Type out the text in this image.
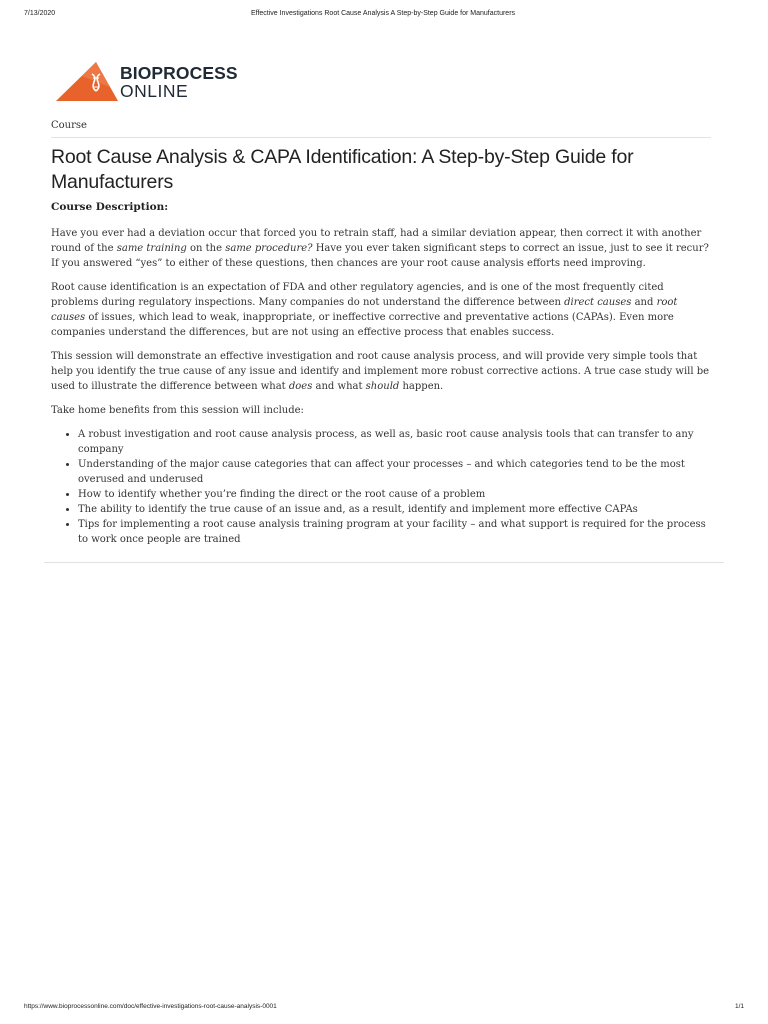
7/13/2020	Effective Investigations Root Cause Analysis A Step-by-Step Guide for Manufacturers
BIOPROCESS
ONLINE
Course
Root Cause Analysis & CAPA Identification: A Step-by-Step Guide for Manufacturers
Course Description:

Have you ever had a deviation occur that forced you to retrain staff, had a similar deviation appear, then correct it with another round of the same training on the same procedure? Have you ever taken significant steps to correct an issue, just to see it recur? If you answered “yes” to either of these questions, then chances are your root cause analysis efforts need improving.

Root cause identification is an expectation of FDA and other regulatory agencies, and is one of the most frequently cited problems during regulatory inspections. Many companies do not understand the difference between direct causes and root causes of issues, which lead to weak, inappropriate, or ineffective corrective and preventative actions (CAPAs). Even more companies understand the differences, but are not using an effective process that enables success.

This session will demonstrate an effective investigation and root cause analysis process, and will provide very simple tools that help you identify the true cause of any issue and identify and implement more robust corrective actions. A true case study will be used to illustrate the difference between what does and what should happen.

Take home benefits from this session will include:

• A robust investigation and root cause analysis process, as well as, basic root cause analysis tools that can transfer to any company
• Understanding of the major cause categories that can affect your processes – and which categories tend to be the most overused and underused
• How to identify whether you’re finding the direct or the root cause of a problem
• The ability to identify the true cause of an issue and, as a result, identify and implement more effective CAPAs
• Tips for implementing a root cause analysis training program at your facility – and what support is required for the process to work once people are trained
https://www.bioprocessonline.com/doc/effective-investigations-root-cause-analysis-0001	1/1
